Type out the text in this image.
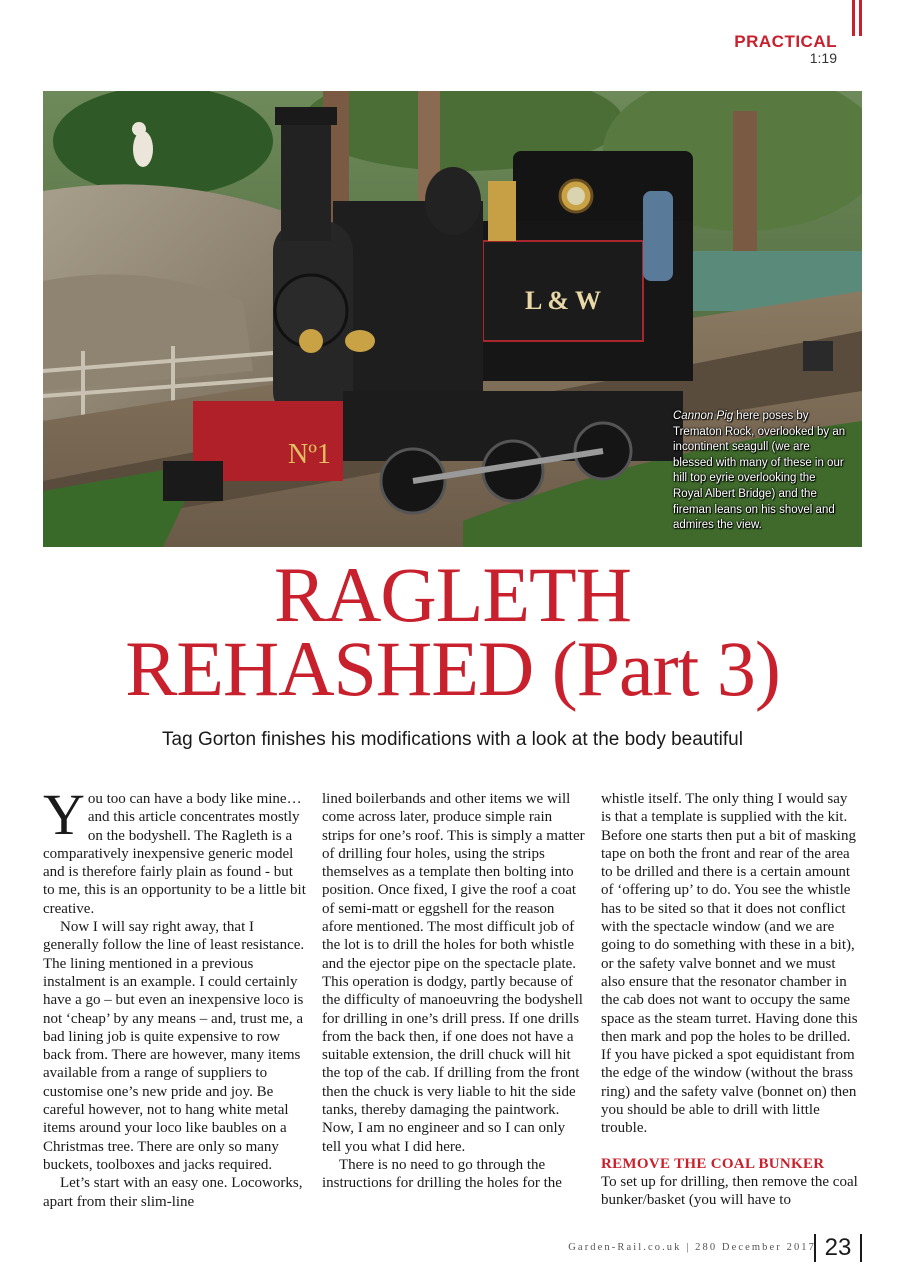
PRACTICAL
1:19
L & W
Nº1
Cannon Pig here poses by Trematon Rock, overlooked by an incontinent seagull (we are blessed with many of these in our hill top eyrie overlooking the Royal Albert Bridge) and the fireman leans on his shovel and admires the view.
RAGLETH
REHASHED (Part 3)
Tag Gorton finishes his modifications with a look at the body beautiful

You too can have a body like mine… and this article concentrates mostly on the bodyshell. The Ragleth is a comparatively inexpensive generic model and is therefore fairly plain as found - but to me, this is an opportunity to be a little bit creative.

Now I will say right away, that I generally follow the line of least resistance. The lining mentioned in a previous instalment is an example. I could certainly have a go – but even an inexpensive loco is not ‘cheap’ by any means – and, trust me, a bad lining job is quite expensive to row back from. There are however, many items available from a range of suppliers to customise one’s new pride and joy. Be careful however, not to hang white metal items around your loco like baubles on a Christmas tree. There are only so many buckets, toolboxes and jacks required.

Let’s start with an easy one. Locoworks, apart from their slim-line

lined boilerbands and other items we will come across later, produce simple rain strips for one’s roof. This is simply a matter of drilling four holes, using the strips themselves as a template then bolting into position. Once fixed, I give the roof a coat of semi-matt or eggshell for the reason afore mentioned. The most difficult job of the lot is to drill the holes for both whistle and the ejector pipe on the spectacle plate. This operation is dodgy, partly because of the difficulty of manoeuvring the bodyshell for drilling in one’s drill press. If one drills from the back then, if one does not have a suitable extension, the drill chuck will hit the top of the cab. If drilling from the front then the chuck is very liable to hit the side tanks, thereby damaging the paintwork. Now, I am no engineer and so I can only tell you what I did here.

There is no need to go through the instructions for drilling the holes for the

whistle itself. The only thing I would say is that a template is supplied with the kit. Before one starts then put a bit of masking tape on both the front and rear of the area to be drilled and there is a certain amount of ‘offering up’ to do. You see the whistle has to be sited so that it does not conflict with the spectacle window (and we are going to do something with these in a bit), or the safety valve bonnet and we must also ensure that the resonator chamber in the cab does not want to occupy the same space as the steam turret. Having done this then mark and pop the holes to be drilled. If you have picked a spot equidistant from the edge of the window (without the brass ring) and the safety valve (bonnet on) then you should be able to drill with little trouble.

REMOVE THE COAL BUNKER

To set up for drilling, then remove the coal bunker/basket (you will have to

Garden-Rail.co.uk | 280 December 2017 23
